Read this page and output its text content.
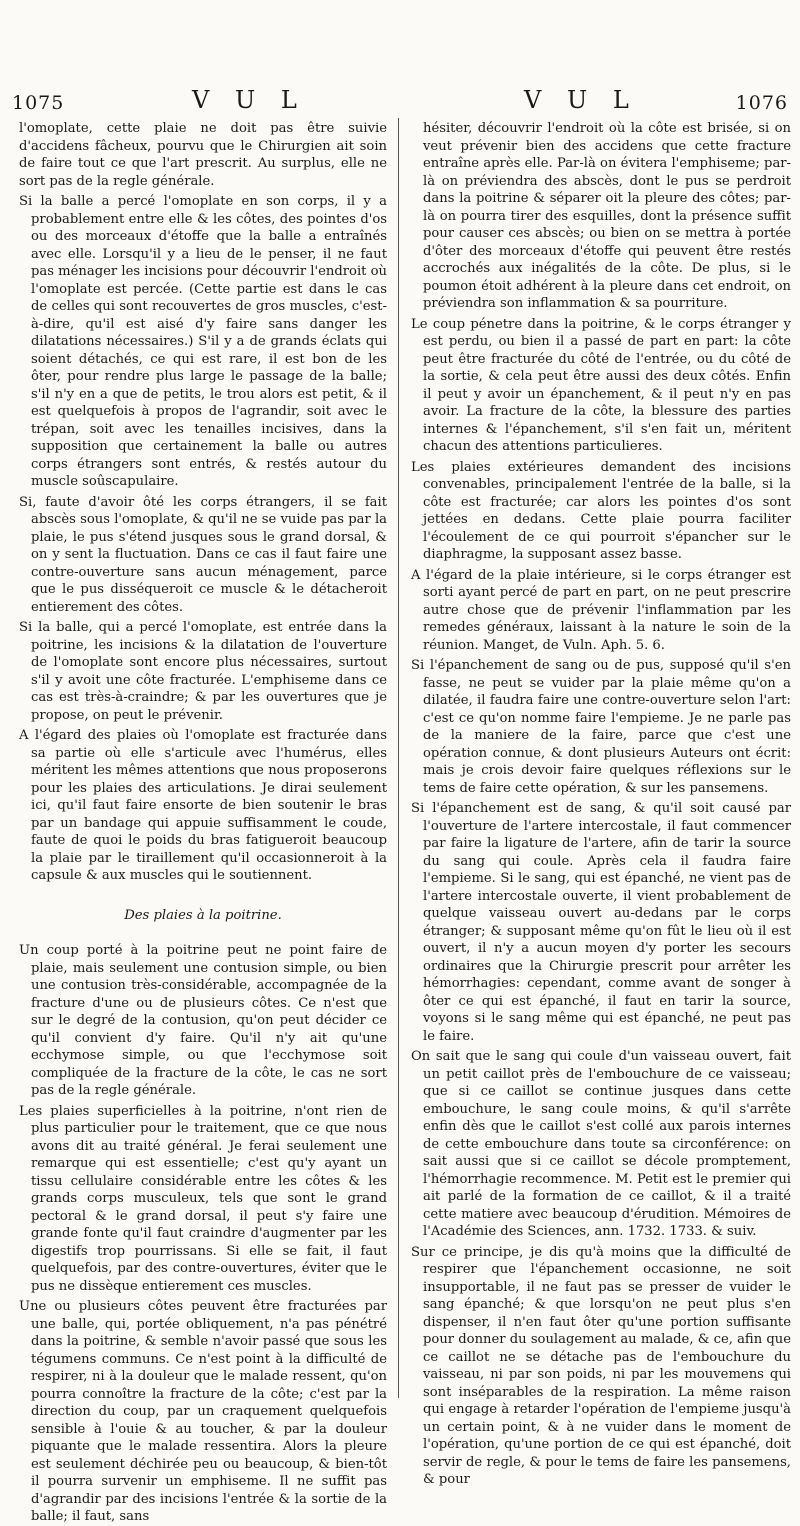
1075	V U L	V U L	1076

l'omoplate, cette plaie ne doit pas être suivie d'accidens fâcheux, pourvu que le Chirurgien ait soin de faire tout ce que l'art prescrit. Au surplus, elle ne sort pas de la regle générale.

Si la balle a percé l'omoplate en son corps, il y a probablement entre elle & les côtes, des pointes d'os ou des morceaux d'étoffe que la balle a entraînés avec elle. Lorsqu'il y a lieu de le penser, il ne faut pas ménager les incisions pour découvrir l'endroit où l'omoplate est percée. (Cette partie est dans le cas de celles qui sont recouvertes de gros muscles, c'est-à-dire, qu'il est aisé d'y faire sans danger les dilatations nécessaires.) S'il y a de grands éclats qui soient détachés, ce qui est rare, il est bon de les ôter, pour rendre plus large le passage de la balle; s'il n'y en a que de petits, le trou alors est petit, & il est quelquefois à propos de l'agrandir, soit avec le trépan, soit avec les tenailles incisives, dans la supposition que certainement la balle ou autres corps étrangers sont entrés, & restés autour du muscle soûscapulaire.

Si, faute d'avoir ôté les corps étrangers, il se fait abscès sous l'omoplate, & qu'il ne se vuide pas par la plaie, le pus s'étend jusques sous le grand dorsal, & on y sent la fluctuation. Dans ce cas il faut faire une contre-ouverture sans aucun ménagement, parce que le pus disséqueroit ce muscle & le détacheroit entierement des côtes.

Si la balle, qui a percé l'omoplate, est entrée dans la poitrine, les incisions & la dilatation de l'ouverture de l'omoplate sont encore plus nécessaires, surtout s'il y avoit une côte fracturée. L'emphiseme dans ce cas est très-à-craindre; & par les ouvertures que je propose, on peut le prévenir.

A l'égard des plaies où l'omoplate est fracturée dans sa partie où elle s'articule avec l'humérus, elles méritent les mêmes attentions que nous proposerons pour les plaies des articulations. Je dirai seulement ici, qu'il faut faire ensorte de bien soutenir le bras par un bandage qui appuie suffisamment le coude, faute de quoi le poids du bras fatigueroit beaucoup la plaie par le tiraillement qu'il occasionneroit à la capsule & aux muscles qui le soutiennent.

Des plaies à la poitrine.

Un coup porté à la poitrine peut ne point faire de plaie, mais seulement une contusion simple, ou bien une contusion très-considérable, accompagnée de la fracture d'une ou de plusieurs côtes. Ce n'est que sur le degré de la contusion, qu'on peut décider ce qu'il convient d'y faire. Qu'il n'y ait qu'une ecchymose simple, ou que l'ecchymose soit compliquée de la fracture de la côte, le cas ne sort pas de la regle générale.

Les plaies superficielles à la poitrine, n'ont rien de plus particulier pour le traitement, que ce que nous avons dit au traité général. Je ferai seulement une remarque qui est essentielle; c'est qu'y ayant un tissu cellulaire considérable entre les côtes & les grands corps musculeux, tels que sont le grand pectoral & le grand dorsal, il peut s'y faire une grande fonte qu'il faut craindre d'augmenter par les digestifs trop pourrissans. Si elle se fait, il faut quelquefois, par des contre-ouvertures, éviter que le pus ne dissèque entierement ces muscles.

Une ou plusieurs côtes peuvent être fracturées par une balle, qui, portée obliquement, n'a pas pénétré dans la poitrine, & semble n'avoir passé que sous les tégumens communs. Ce n'est point à la difficulté de respirer, ni à la douleur que le malade ressent, qu'on pourra connoître la fracture de la côte; c'est par la direction du coup, par un craquement quelquefois sensible à l'ouie & au toucher, & par la douleur piquante que le malade ressentira. Alors la pleure est seulement déchirée peu ou beaucoup, & bien-tôt il pourra survenir un emphiseme. Il ne suffit pas d'agrandir par des incisions l'entrée & la sortie de la balle; il faut, sans

hésiter, découvrir l'endroit où la côte est brisée, si on veut prévenir bien des accidens que cette fracture entraîne après elle. Par-là on évitera l'emphiseme; par-là on préviendra des abscès, dont le pus se perdroit dans la poitrine & séparer oit la pleure des côtes; par-là on pourra tirer des esquilles, dont la présence suffit pour causer ces abscès; ou bien on se mettra à portée d'ôter des morceaux d'étoffe qui peuvent être restés accrochés aux inégalités de la côte. De plus, si le poumon étoit adhérent à la pleure dans cet endroit, on préviendra son inflammation & sa pourriture.

Le coup pénetre dans la poitrine, & le corps étranger y est perdu, ou bien il a passé de part en part: la côte peut être fracturée du côté de l'entrée, ou du côté de la sortie, & cela peut être aussi des deux côtés. Enfin il peut y avoir un épanchement, & il peut n'y en pas avoir. La fracture de la côte, la blessure des parties internes & l'épanchement, s'il s'en fait un, méritent chacun des attentions particulieres.

Les plaies extérieures demandent des incisions convenables, principalement l'entrée de la balle, si la côte est fracturée; car alors les pointes d'os sont jettées en dedans. Cette plaie pourra faciliter l'écoulement de ce qui pourroit s'épancher sur le diaphragme, la supposant assez basse.

A l'égard de la plaie intérieure, si le corps étranger est sorti ayant percé de part en part, on ne peut prescrire autre chose que de prévenir l'inflammation par les remedes généraux, laissant à la nature le soin de la réunion. Manget, de Vuln. Aph. 5. 6.

Si l'épanchement de sang ou de pus, supposé qu'il s'en fasse, ne peut se vuider par la plaie même qu'on a dilatée, il faudra faire une contre-ouverture selon l'art: c'est ce qu'on nomme faire l'empieme. Je ne parle pas de la maniere de la faire, parce que c'est une opération connue, & dont plusieurs Auteurs ont écrit: mais je crois devoir faire quelques réflexions sur le tems de faire cette opération, & sur les pansemens.

Si l'épanchement est de sang, & qu'il soit causé par l'ouverture de l'artere intercostale, il faut commencer par faire la ligature de l'artere, afin de tarir la source du sang qui coule. Après cela il faudra faire l'empieme. Si le sang, qui est épanché, ne vient pas de l'artere intercostale ouverte, il vient probablement de quelque vaisseau ouvert au-dedans par le corps étranger; & supposant même qu'on fût le lieu où il est ouvert, il n'y a aucun moyen d'y porter les secours ordinaires que la Chirurgie prescrit pour arrêter les hémorrhagies: cependant, comme avant de songer à ôter ce qui est épanché, il faut en tarir la source, voyons si le sang même qui est épanché, ne peut pas le faire.

On sait que le sang qui coule d'un vaisseau ouvert, fait un petit caillot près de l'embouchure de ce vaisseau; que si ce caillot se continue jusques dans cette embouchure, le sang coule moins, & qu'il s'arrête enfin dès que le caillot s'est collé aux parois internes de cette embouchure dans toute sa circonférence: on sait aussi que si ce caillot se décole promptement, l'hémorrhagie recommence. M. Petit est le premier qui ait parlé de la formation de ce caillot, & il a traité cette matiere avec beaucoup d'érudition. Mémoires de l'Académie des Sciences, ann. 1732. 1733. & suiv.

Sur ce principe, je dis qu'à moins que la difficulté de respirer que l'épanchement occasionne, ne soit insupportable, il ne faut pas se presser de vuider le sang épanché; & que lorsqu'on ne peut plus s'en dispenser, il n'en faut ôter qu'une portion suffisante pour donner du soulagement au malade, & ce, afin que ce caillot ne se détache pas de l'embouchure du vaisseau, ni par son poids, ni par les mouvemens qui sont inséparables de la respiration. La même raison qui engage à retarder l'opération de l'empieme jusqu'à un certain point, & à ne vuider dans le moment de l'opération, qu'une portion de ce qui est épanché, doit servir de regle, & pour le tems de faire les pansemens, & pour
